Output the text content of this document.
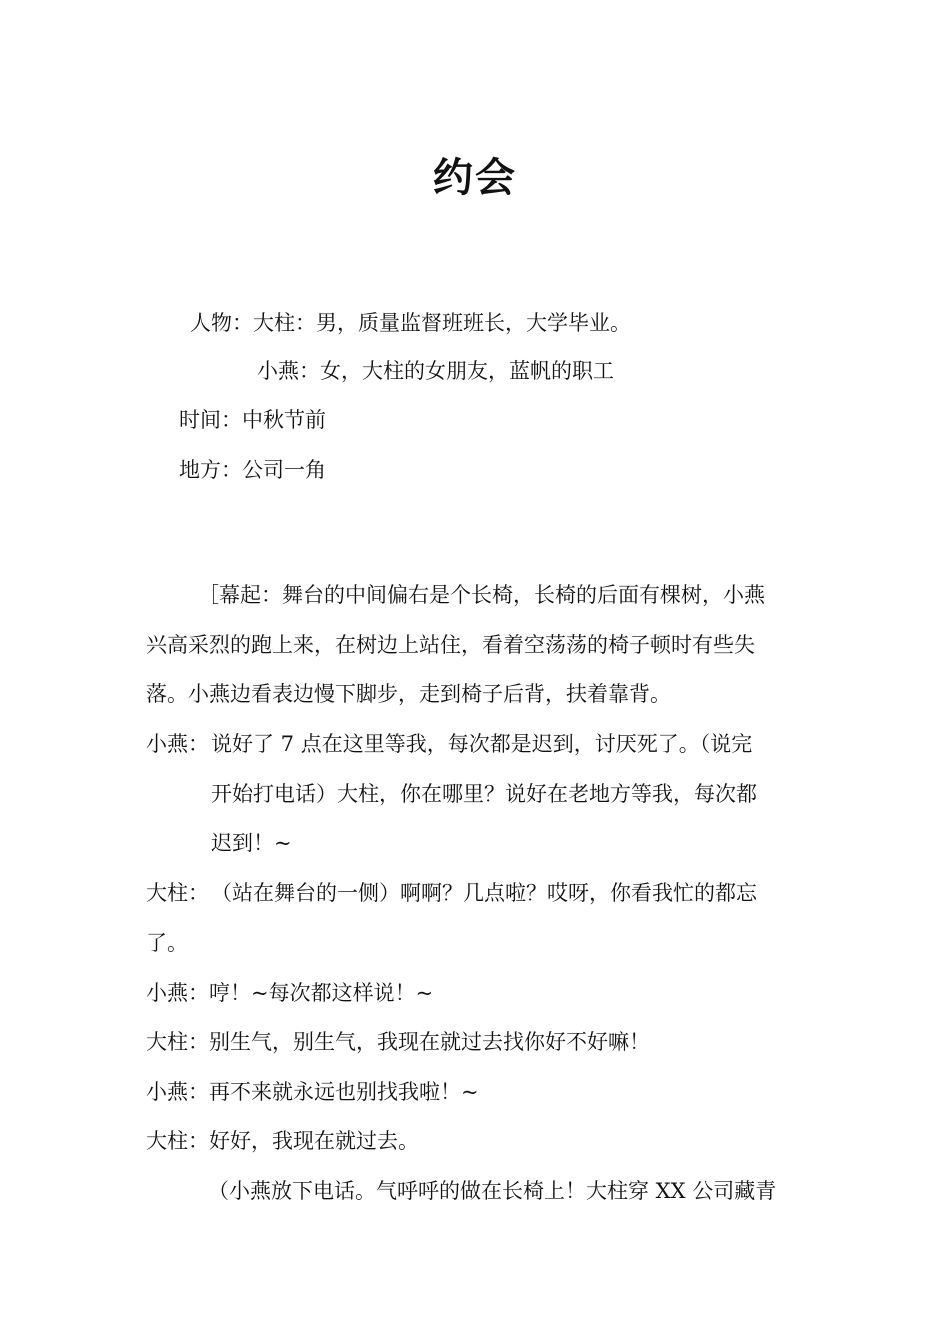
约会
人物：大柱：男，质量监督班班长，大学毕业。
小燕：女，大柱的女朋友，蓝帆的职工
时间：中秋节前
地方：公司一角
［幕起：舞台的中间偏右是个长椅，长椅的后面有棵树，小燕
兴高采烈的跑上来，在树边上站住，看着空荡荡的椅子顿时有些失
落。小燕边看表边慢下脚步，走到椅子后背，扶着靠背。
小燕： 说好了 7 点在这里等我，每次都是迟到，讨厌死了。（说完
开始打电话）大柱，你在哪里？说好在老地方等我，每次都
迟到！~
大柱： （站在舞台的一侧）啊啊？几点啦？哎呀，你看我忙的都忘
了。
小燕：哼！~每次都这样说！~
大柱：别生气，别生气，我现在就过去找你好不好嘛！
小燕：再不来就永远也别找我啦！~
大柱：好好，我现在就过去。
（小燕放下电话。气呼呼的做在长椅上！大柱穿 XX 公司藏青
